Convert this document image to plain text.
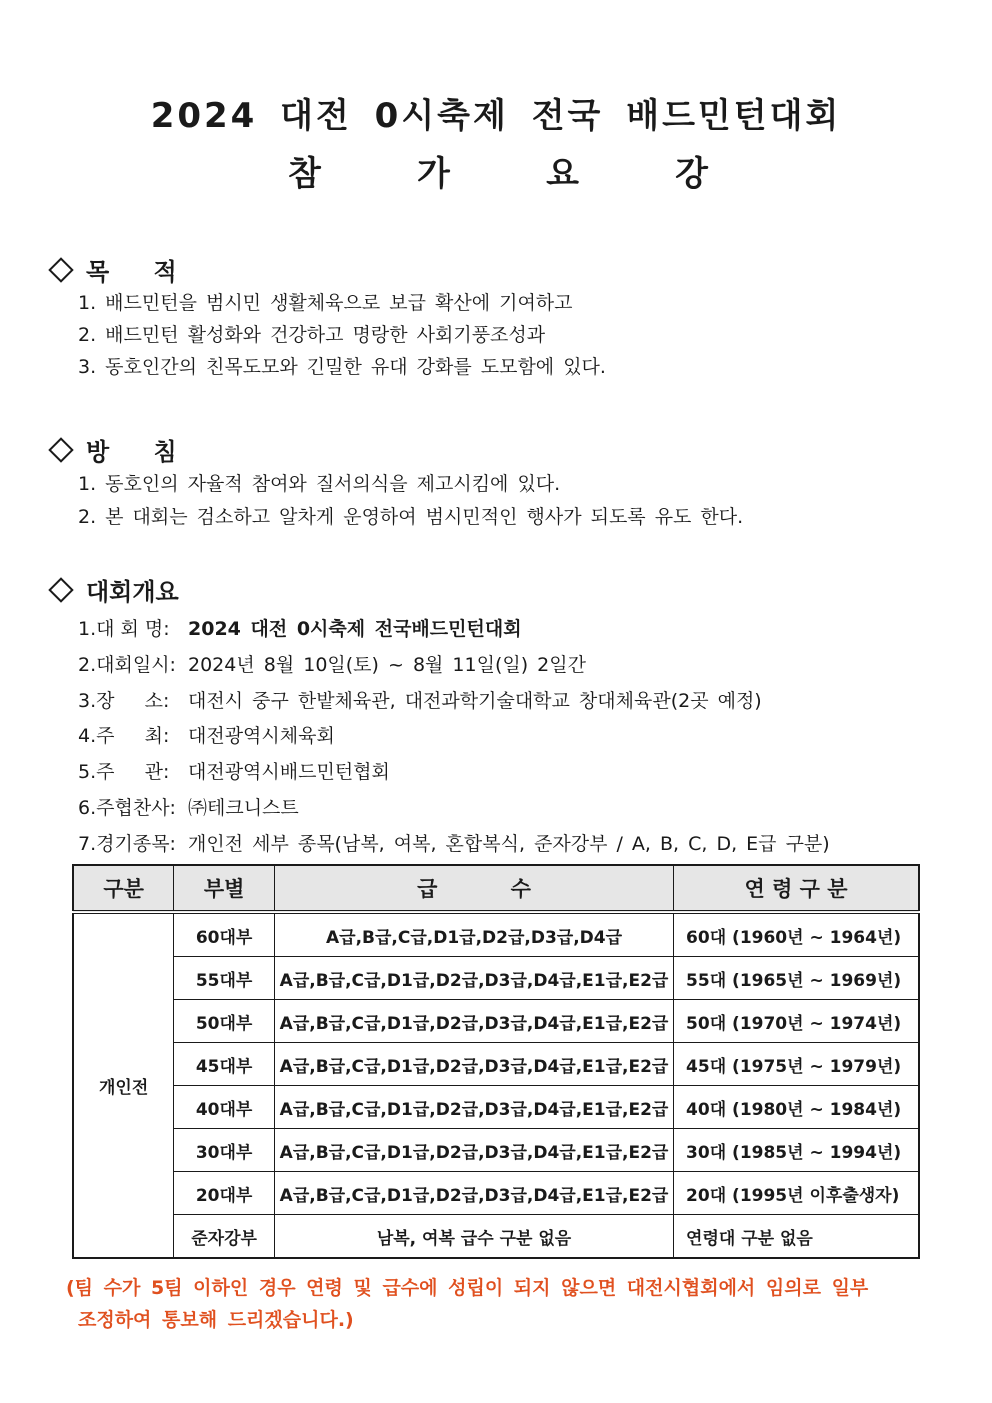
2024 대전 0시축제 전국 배드민턴대회
참	가	요	강
목 적
1. 배드민턴을 범시민 생활체육으로 보급 확산에 기여하고
2. 배드민턴 활성화와 건강하고 명랑한 사회기풍조성과
3. 동호인간의 친목도모와 긴밀한 유대 강화를 도모함에 있다.
방 침
1. 동호인의 자율적 참여와 질서의식을 제고시킴에 있다.
2. 본 대회는 검소하고 알차게 운영하여 범시민적인 행사가 되도록 유도 한다.
대회개요
1.대 회 명: 2024 대전 0시축제 전국배드민턴대회
2.대회일시: 2024년 8월 10일(토) ~ 8월 11일(일) 2일간
3.장     소: 대전시 중구 한밭체육관, 대전과학기술대학교 창대체육관(2곳 예정)
4.주     최: 대전광역시체육회
5.주     관: 대전광역시배드민턴협회
6.주협찬사: ㈜테크니스트
7.경기종목: 개인전 세부 종목(남복, 여복, 혼합복식, 준자강부 / A, B, C, D, E급 구분)
구분	부별	급          수	연 령 구 분
개인전	60대부	A급,B급,C급,D1급,D2급,D3급,D4급	60대 (1960년 ~ 1964년)
	55대부	A급,B급,C급,D1급,D2급,D3급,D4급,E1급,E2급	55대 (1965년 ~ 1969년)
	50대부	A급,B급,C급,D1급,D2급,D3급,D4급,E1급,E2급	50대 (1970년 ~ 1974년)
	45대부	A급,B급,C급,D1급,D2급,D3급,D4급,E1급,E2급	45대 (1975년 ~ 1979년)
	40대부	A급,B급,C급,D1급,D2급,D3급,D4급,E1급,E2급	40대 (1980년 ~ 1984년)
	30대부	A급,B급,C급,D1급,D2급,D3급,D4급,E1급,E2급	30대 (1985년 ~ 1994년)
	20대부	A급,B급,C급,D1급,D2급,D3급,D4급,E1급,E2급	20대 (1995년 이후출생자)
	준자강부	남복, 여복 급수 구분 없음	연령대 구분 없음
(팀 수가 5팀 이하인 경우 연령 및 급수에 성립이 되지 않으면 대전시협회에서 임의로 일부
조정하여 통보해 드리겠습니다.)
